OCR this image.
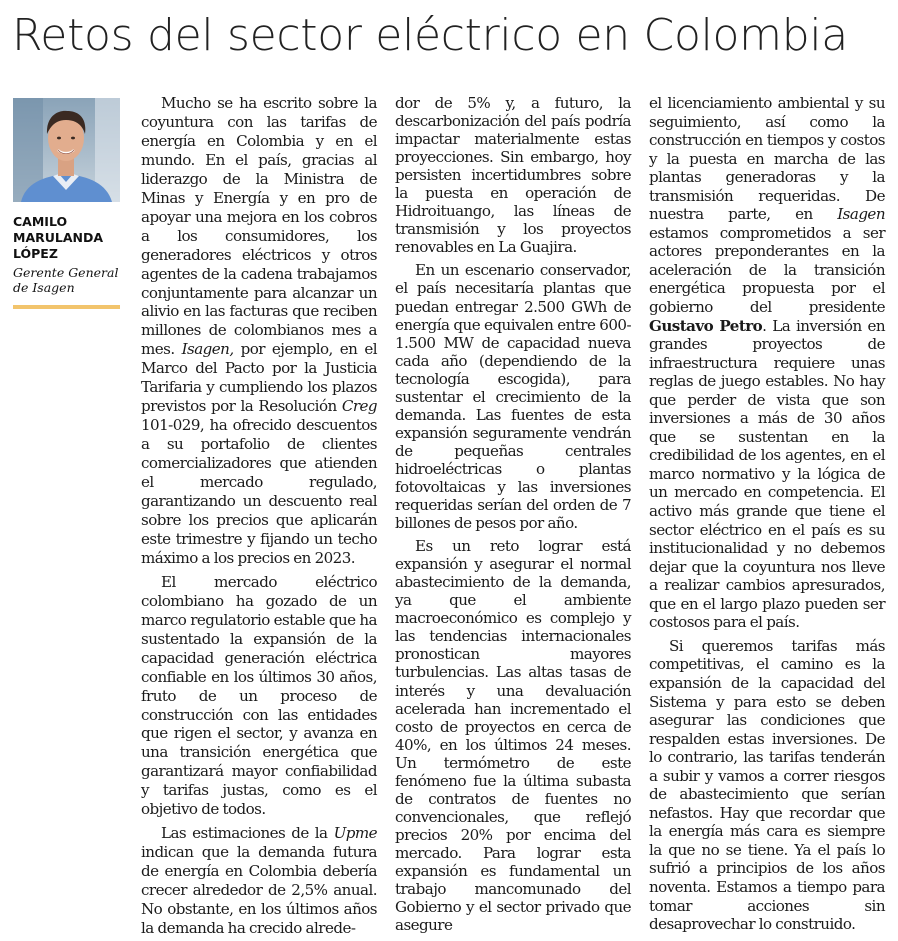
Retos del sector eléctrico en Colombia
CAMILO MARULANDA LÓPEZ
Gerente General de Isagen

Mucho se ha escrito sobre la coyuntura con las tarifas de energía en Colombia y en el mundo. En el país, gracias al liderazgo de la Ministra de Minas y Energía y en pro de apoyar una mejora en los cobros a los consumidores, los generadores eléctricos y otros agentes de la cadena trabajamos conjuntamente para alcanzar un alivio en las facturas que reciben millones de colombianos mes a mes. Isagen, por ejemplo, en el Marco del Pacto por la Justicia Tarifaria y cumpliendo los plazos previstos por la Resolución Creg 101-029, ha ofrecido descuentos a su portafolio de clientes comercializadores que atienden el mercado regulado, garantizando un descuento real sobre los precios que aplicarán este trimestre y fijando un techo máximo a los precios en 2023.

El mercado eléctrico colombiano ha gozado de un marco regulatorio estable que ha sustentado la expansión de la capacidad generación eléctrica confiable en los últimos 30 años, fruto de un proceso de construcción con las entidades que rigen el sector, y avanza en una transición energética que garantizará mayor confiabilidad y tarifas justas, como es el objetivo de todos.

Las estimaciones de la Upme indican que la demanda futura de energía en Colombia debería crecer alrededor de 2,5% anual. No obstante, en los últimos años la demanda ha crecido alrede-

dor de 5% y, a futuro, la descarbonización del país podría impactar materialmente estas proyecciones. Sin embargo, hoy persisten incertidumbres sobre la puesta en operación de Hidroituango, las líneas de transmisión y los proyectos renovables en La Guajira.

En un escenario conservador, el país necesitaría plantas que puedan entregar 2.500 GWh de energía que equivalen entre 600-1.500 MW de capacidad nueva cada año (dependiendo de la tecnología escogida), para sustentar el crecimiento de la demanda. Las fuentes de esta expansión seguramente vendrán de pequeñas centrales hidroeléctricas o plantas fotovoltaicas y las inversiones requeridas serían del orden de 7 billones de pesos por año.

Es un reto lograr está expansión y asegurar el normal abastecimiento de la demanda, ya que el ambiente macroeconómico es complejo y las tendencias internacionales pronostican mayores turbulencias. Las altas tasas de interés y una devaluación acelerada han incrementado el costo de proyectos en cerca de 40%, en los últimos 24 meses. Un termómetro de este fenómeno fue la última subasta de contratos de fuentes no convencionales, que reflejó precios 20% por encima del mercado. Para lograr esta expansión es fundamental un trabajo mancomunado del Gobierno y el sector privado que asegure

el licenciamiento ambiental y su seguimiento, así como la construcción en tiempos y costos y la puesta en marcha de las plantas generadoras y la transmisión requeridas. De nuestra parte, en Isagen estamos comprometidos a ser actores preponderantes en la aceleración de la transición energética propuesta por el gobierno del presidente Gustavo Petro. La inversión en grandes proyectos de infraestructura requiere unas reglas de juego estables. No hay que perder de vista que son inversiones a más de 30 años que se sustentan en la credibilidad de los agentes, en el marco normativo y la lógica de un mercado en competencia. El activo más grande que tiene el sector eléctrico en el país es su institucionalidad y no debemos dejar que la coyuntura nos lleve a realizar cambios apresurados, que en el largo plazo pueden ser costosos para el país.

Si queremos tarifas más competitivas, el camino es la expansión de la capacidad del Sistema y para esto se deben asegurar las condiciones que respalden estas inversiones. De lo contrario, las tarifas tenderán a subir y vamos a correr riesgos de abastecimiento que serían nefastos. Hay que recordar que la energía más cara es siempre la que no se tiene. Ya el país lo sufrió a principios de los años noventa. Estamos a tiempo para tomar acciones sin desaprovechar lo construido.
